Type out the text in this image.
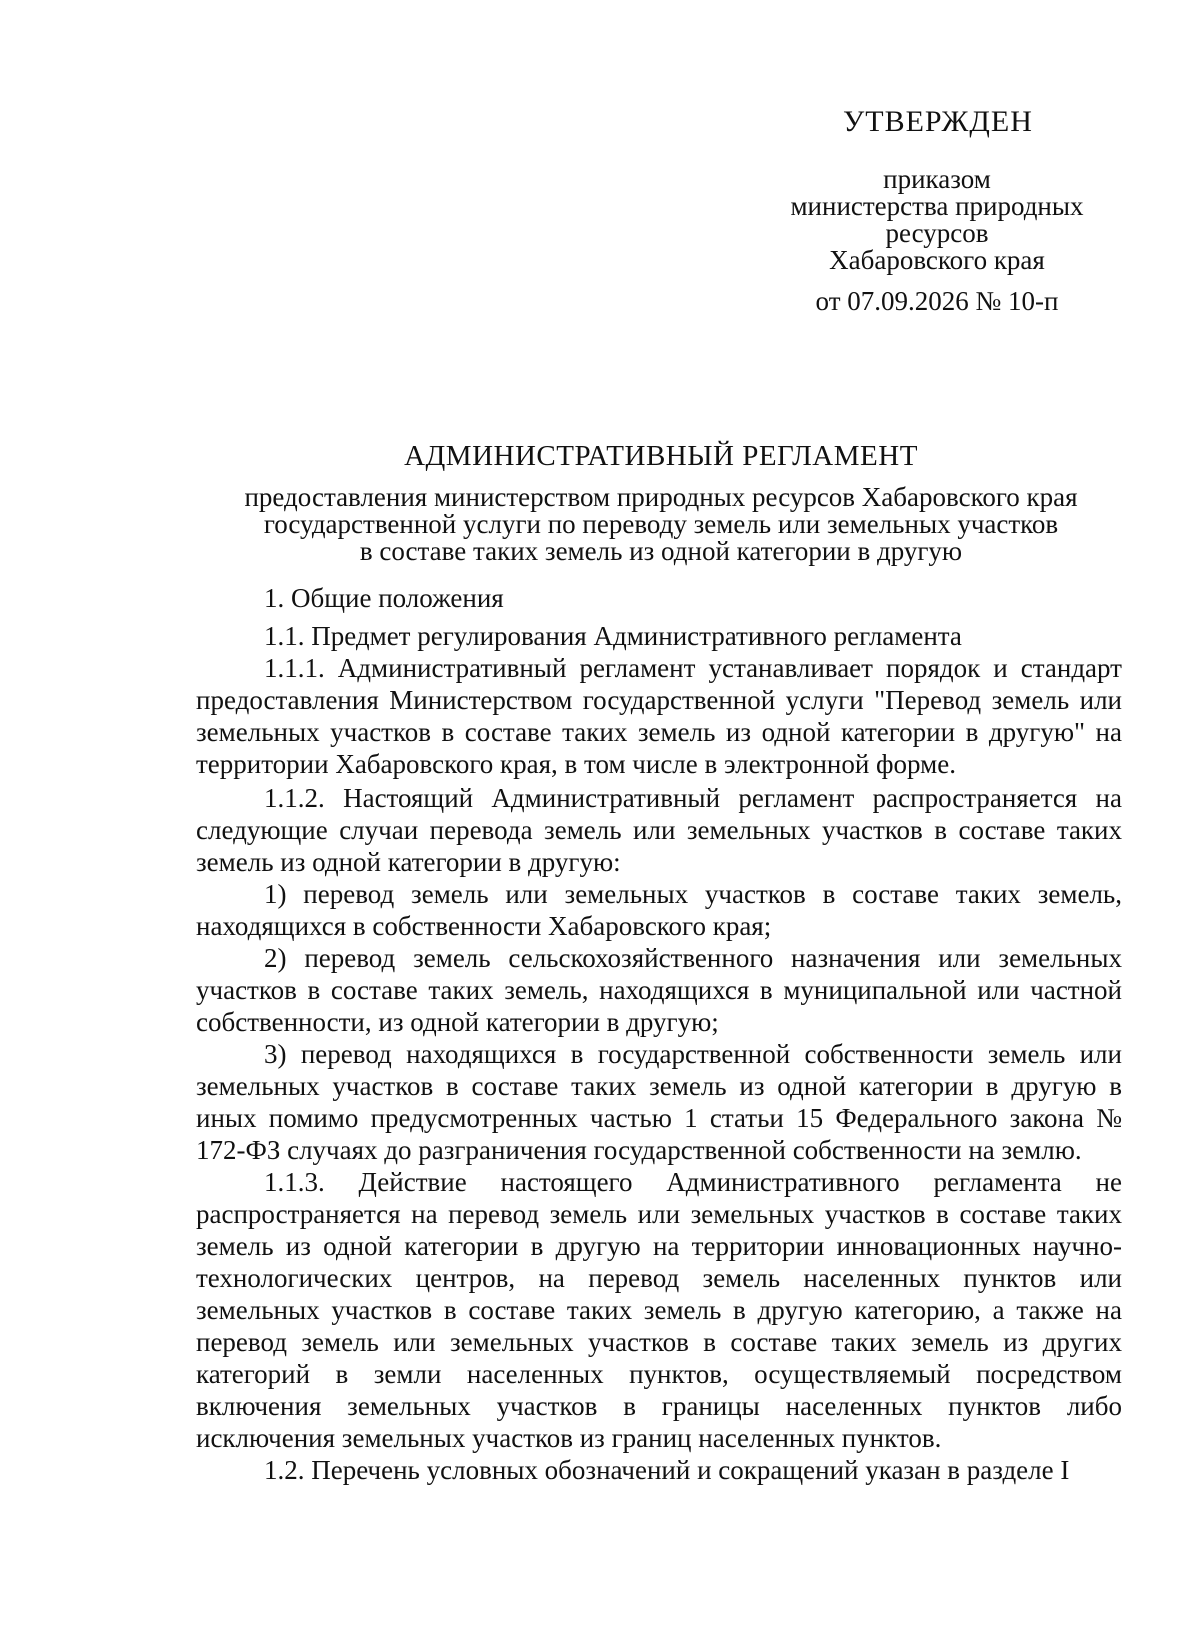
УТВЕРЖДЕН
приказом
министерства природных
ресурсов
Хабаровского края
от 07.09.2026 № 10-п
АДМИНИСТРАТИВНЫЙ РЕГЛАМЕНТ
предоставления министерством природных ресурсов Хабаровского края
государственной услуги по переводу земель или земельных участков
в составе таких земель из одной категории в другую

1. Общие положения

1.1. Предмет регулирования Административного регламента

1.1.1. Административный регламент устанавливает порядок и стандарт предоставления Министерством государственной услуги "Перевод земель или земельных участков в составе таких земель из одной категории в другую" на территории Хабаровского края, в том числе в электронной форме.

1.1.2. Настоящий Административный регламент распространяется на следующие случаи перевода земель или земельных участков в составе таких земель из одной категории в другую:

1) перевод земель или земельных участков в составе таких земель, находящихся в собственности Хабаровского края;

2) перевод земель сельскохозяйственного назначения или земельных участков в составе таких земель, находящихся в муниципальной или частной собственности, из одной категории в другую;

3) перевод находящихся в государственной собственности земель или земельных участков в составе таких земель из одной категории в другую в иных помимо предусмотренных частью 1 статьи 15 Федерального закона № 172-ФЗ случаях до разграничения государственной собственности на землю.

1.1.3. Действие настоящего Административного регламента не распространяется на перевод земель или земельных участков в составе таких земель из одной категории в другую на территории инновационных научно-технологических центров, на перевод земель населенных пунктов или земельных участков в составе таких земель в другую категорию, а также на перевод земель или земельных участков в составе таких земель из других категорий в земли населенных пунктов, осуществляемый посредством включения земельных участков в границы населенных пунктов либо исключения земельных участков из границ населенных пунктов.

1.2. Перечень условных обозначений и сокращений указан в разделе I
